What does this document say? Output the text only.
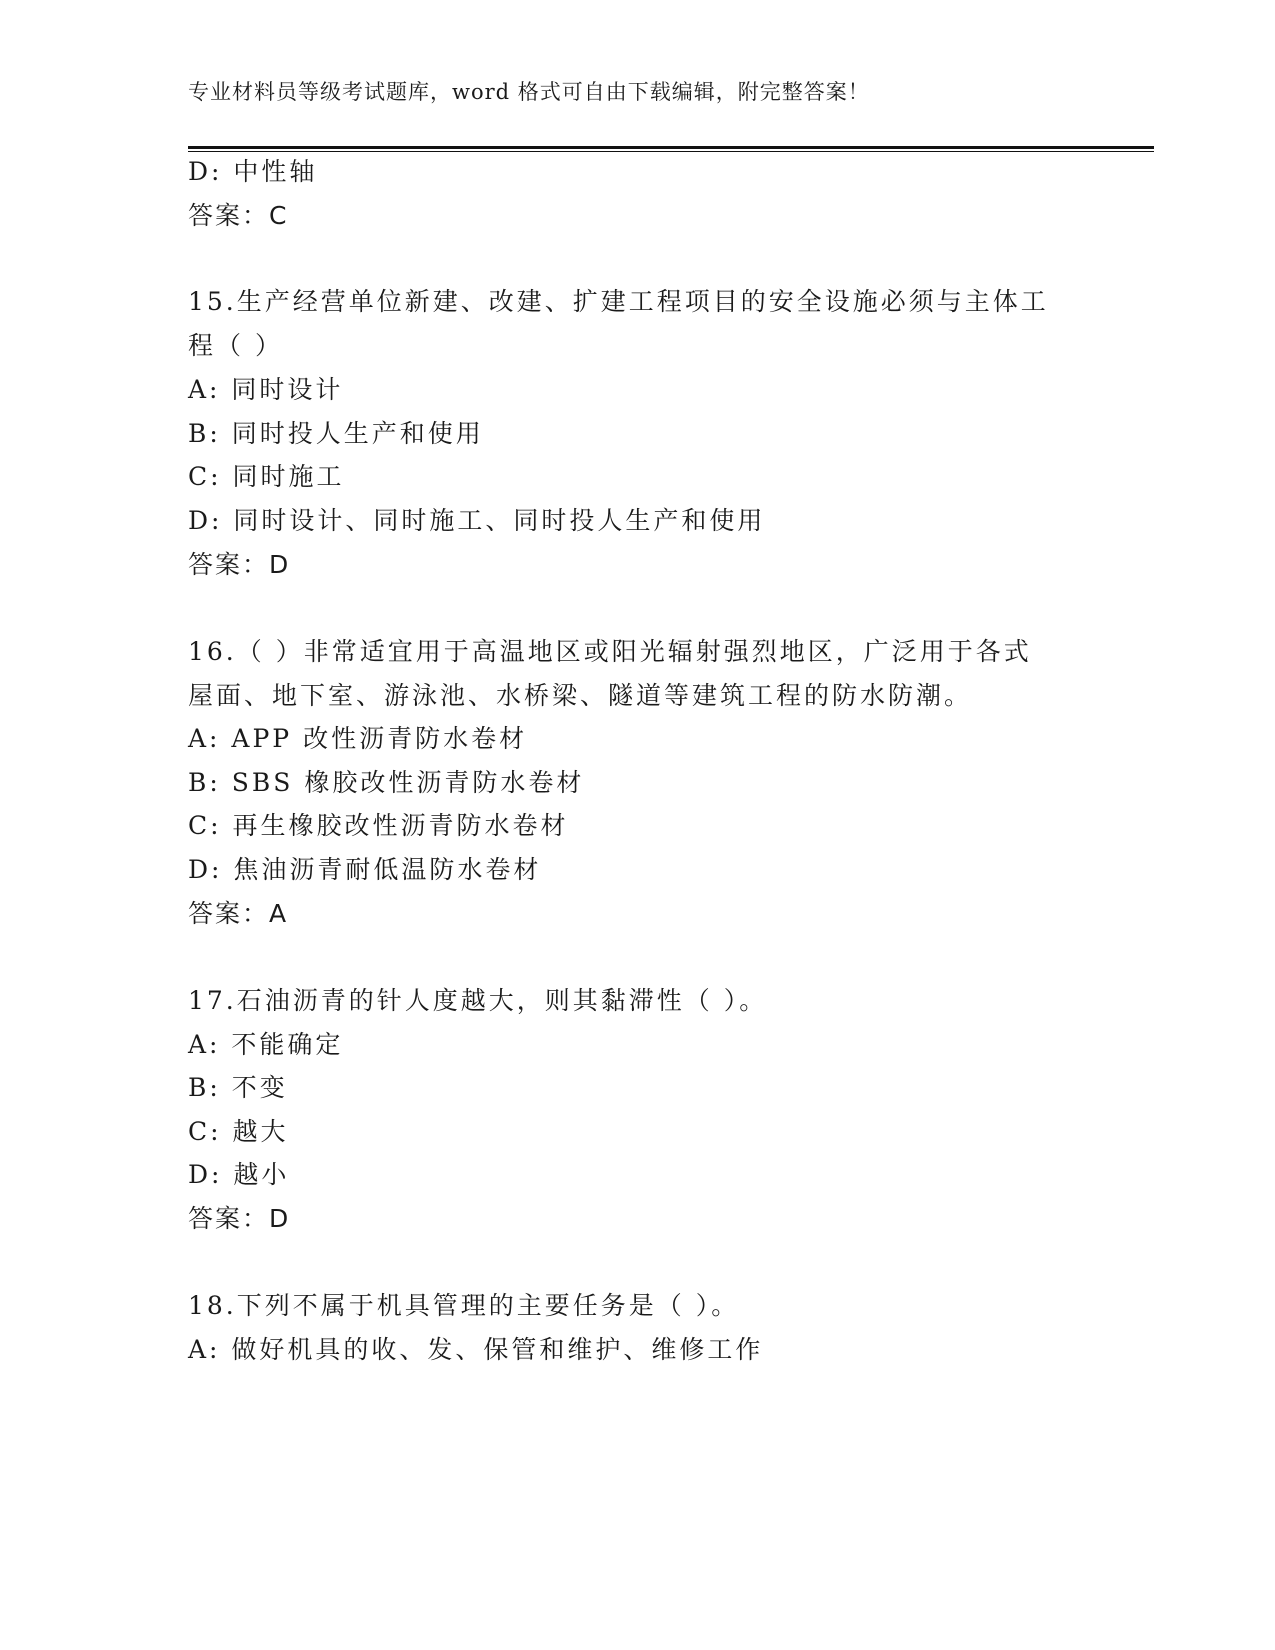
专业材料员等级考试题库，word 格式可自由下载编辑，附完整答案！
D: 中性轴
答案：C
15.生产经营单位新建、改建、扩建工程项目的安全设施必须与主体工
程（ ）
A: 同时设计
B: 同时投人生产和使用
C: 同时施工
D: 同时设计、同时施工、同时投人生产和使用
答案：D
16.（ ）非常适宜用于高温地区或阳光辐射强烈地区，广泛用于各式
屋面、地下室、游泳池、水桥梁、隧道等建筑工程的防水防潮。
A: APP 改性沥青防水卷材
B: SBS 橡胶改性沥青防水卷材
C: 再生橡胶改性沥青防水卷材
D: 焦油沥青耐低温防水卷材
答案：A
17.石油沥青的针人度越大，则其黏滞性（ ）。
A: 不能确定
B: 不变
C: 越大
D: 越小
答案：D
18.下列不属于机具管理的主要任务是（ ）。
A: 做好机具的收、发、保管和维护、维修工作
